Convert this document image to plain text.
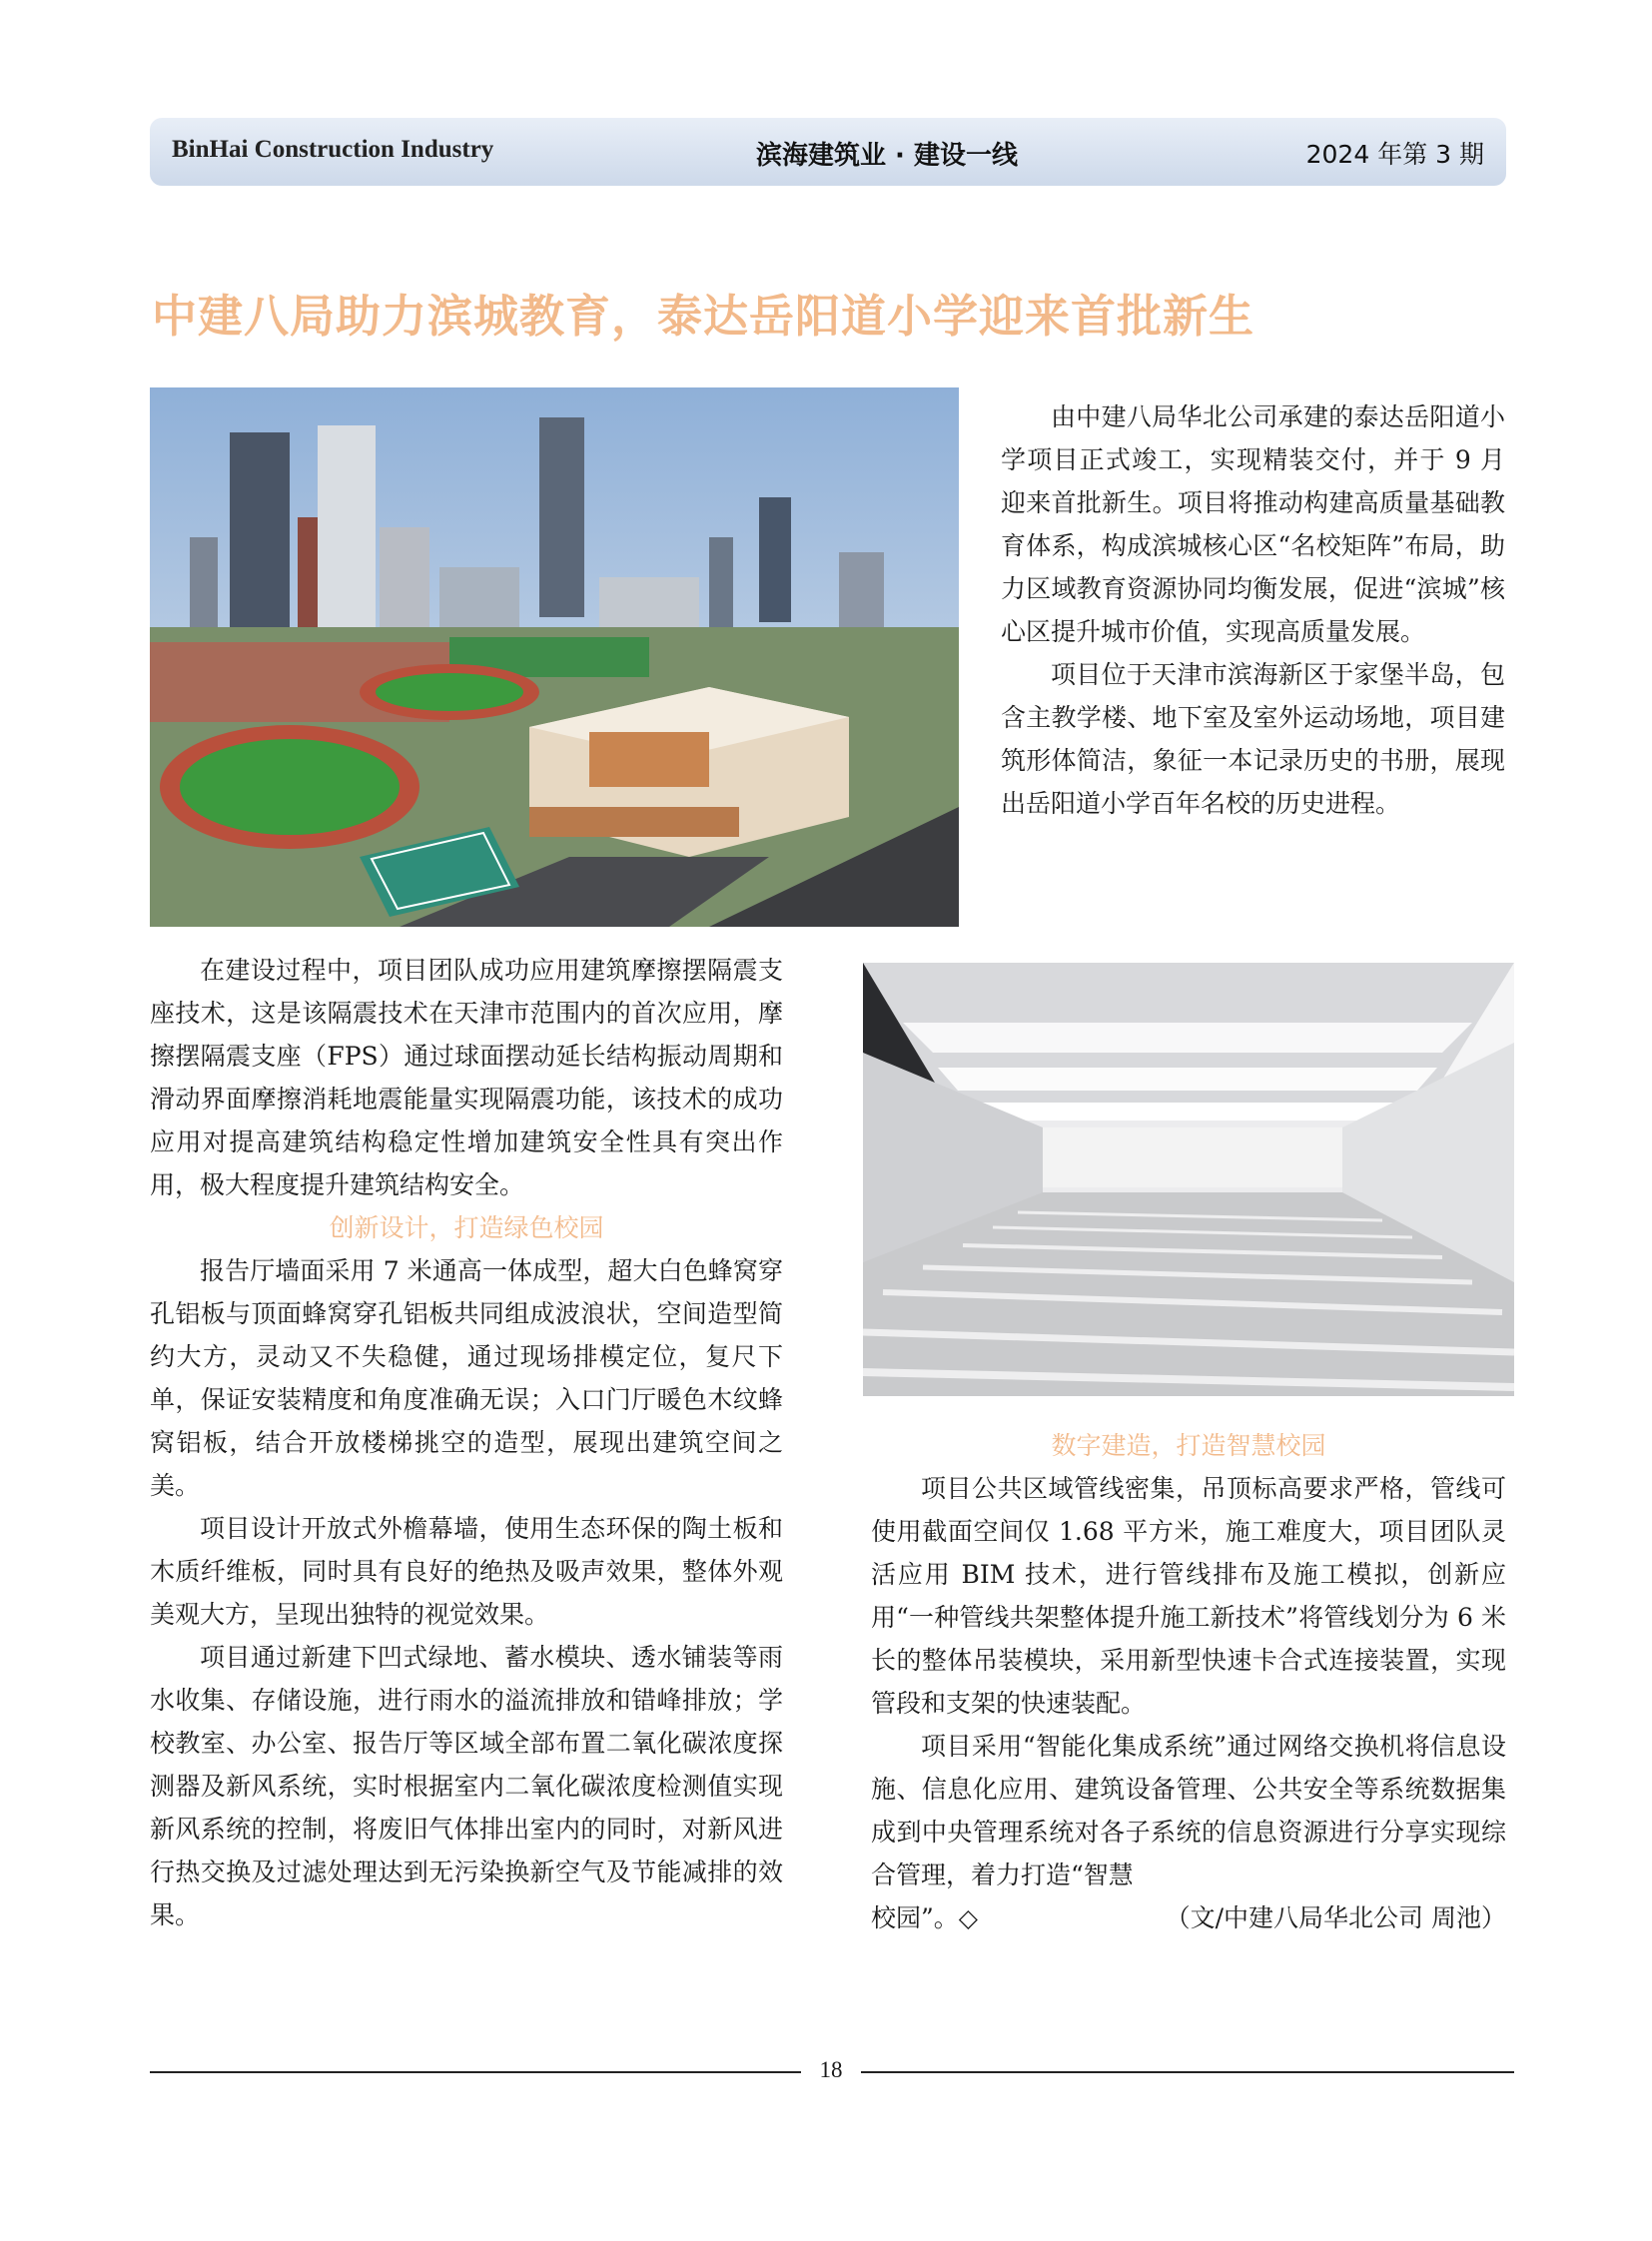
BinHai Construction Industry	滨海建筑业 · 建设一线	2024 年第 3 期
中建八局助力滨城教育，泰达岳阳道小学迎来首批新生

由中建八局华北公司承建的泰达岳阳道小学项目正式竣工，实现精装交付，并于 9 月迎来首批新生。项目将推动构建高质量基础教育体系，构成滨城核心区“名校矩阵”布局，助力区域教育资源协同均衡发展，促进“滨城”核心区提升城市价值，实现高质量发展。

项目位于天津市滨海新区于家堡半岛，包含主教学楼、地下室及室外运动场地，项目建筑形体简洁，象征一本记录历史的书册，展现出岳阳道小学百年名校的历史进程。

在建设过程中，项目团队成功应用建筑摩擦摆隔震支座技术，这是该隔震技术在天津市范围内的首次应用，摩擦摆隔震支座（FPS）通过球面摆动延长结构振动周期和滑动界面摩擦消耗地震能量实现隔震功能，该技术的成功应用对提高建筑结构稳定性增加建筑安全性具有突出作用，极大程度提升建筑结构安全。

创新设计，打造绿色校园

报告厅墙面采用 7 米通高一体成型，超大白色蜂窝穿孔铝板与顶面蜂窝穿孔铝板共同组成波浪状，空间造型简约大方，灵动又不失稳健，通过现场排模定位，复尺下单，保证安装精度和角度准确无误；入口门厅暖色木纹蜂窝铝板，结合开放楼梯挑空的造型，展现出建筑空间之美。

项目设计开放式外檐幕墙，使用生态环保的陶土板和木质纤维板，同时具有良好的绝热及吸声效果，整体外观美观大方，呈现出独特的视觉效果。

项目通过新建下凹式绿地、蓄水模块、透水铺装等雨水收集、存储设施，进行雨水的溢流排放和错峰排放；学校教室、办公室、报告厅等区域全部布置二氧化碳浓度探测器及新风系统，实时根据室内二氧化碳浓度检测值实现新风系统的控制，将废旧气体排出室内的同时，对新风进行热交换及过滤处理达到无污染换新空气及节能减排的效果。

数字建造，打造智慧校园

项目公共区域管线密集，吊顶标高要求严格，管线可使用截面空间仅 1.68 平方米，施工难度大，项目团队灵活应用 BIM 技术，进行管线排布及施工模拟，创新应用“一种管线共架整体提升施工新技术”将管线划分为 6 米长的整体吊装模块，采用新型快速卡合式连接装置，实现管段和支架的快速装配。

项目采用“智能化集成系统”通过网络交换机将信息设施、信息化应用、建筑设备管理、公共安全等系统数据集成到中央管理系统对各子系统的信息资源进行分享实现综合管理，着力打造“智慧

校园”。◇	（文/中建八局华北公司 周池）

18
